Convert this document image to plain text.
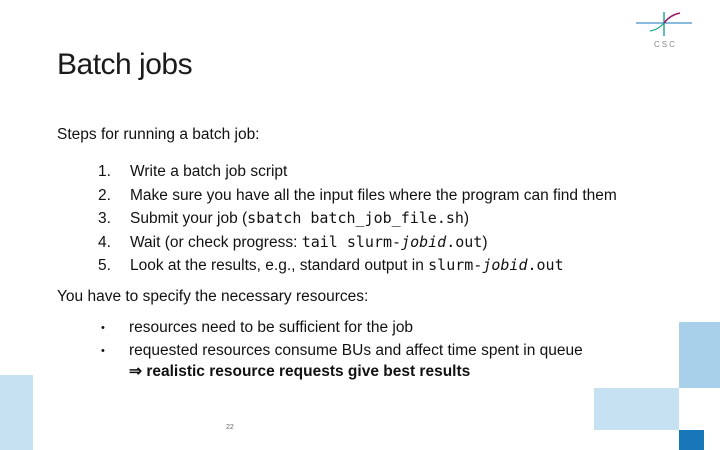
CSC
Batch jobs
Steps for running a batch job:
1. Write a batch job script
2. Make sure you have all the input files where the program can find them
3. Submit your job (sbatch batch_job_file.sh)
4. Wait (or check progress: tail slurm-jobid.out)
5. Look at the results, e.g., standard output in slurm-jobid.out
You have to specify the necessary resources:
• resources need to be sufficient for the job
• requested resources consume BUs and affect time spent in queue
⇒ realistic resource requests give best results
22
